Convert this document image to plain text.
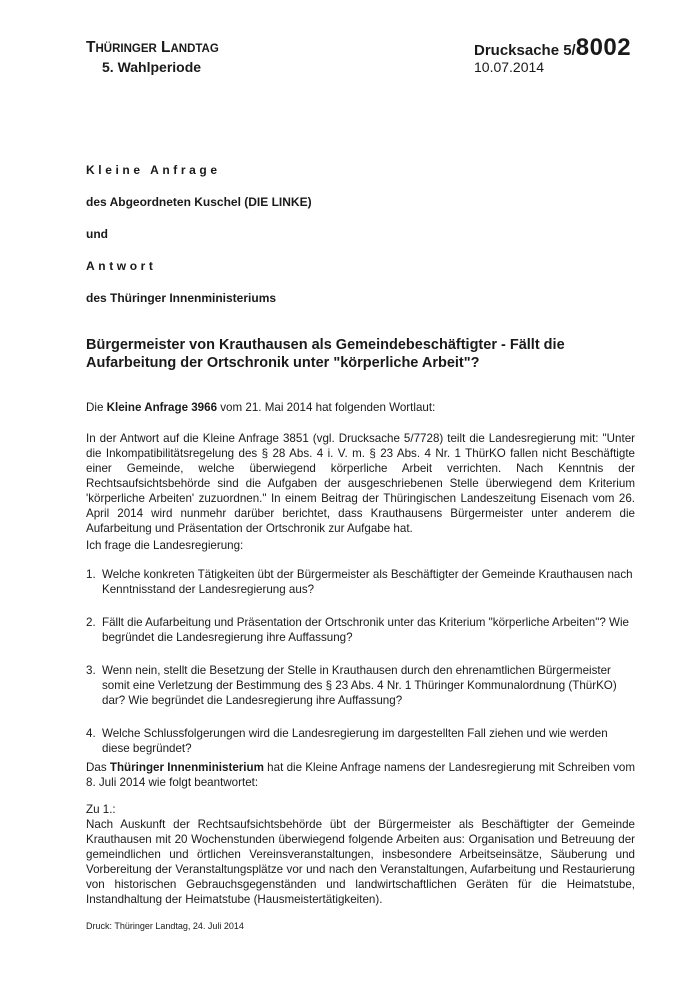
THÜRINGER LANDTAG
5. Wahlperiode
Drucksache 5/8002
10.07.2014
Kleine Anfrage
des Abgeordneten Kuschel (DIE LINKE)
und
Antwort
des Thüringer Innenministeriums
Bürgermeister von Krauthausen als Gemeindebeschäftigter - Fällt die Aufarbeitung der Ortschronik unter "körperliche Arbeit"?
Die Kleine Anfrage 3966 vom 21. Mai 2014 hat folgenden Wortlaut:
In der Antwort auf die Kleine Anfrage 3851 (vgl. Drucksache 5/7728) teilt die Landesregierung mit: "Unter die Inkompatibilitätsregelung des § 28 Abs. 4 i. V. m. § 23 Abs. 4 Nr. 1 ThürKO fallen nicht Beschäftigte einer Gemeinde, welche überwiegend körperliche Arbeit verrichten. Nach Kenntnis der Rechtsaufsichtsbehörde sind die Aufgaben der ausgeschriebenen Stelle überwiegend dem Kriterium 'körperliche Arbeiten' zuzuordnen." In einem Beitrag der Thüringischen Landeszeitung Eisenach vom 26. April 2014 wird nunmehr darüber berichtet, dass Krauthausens Bürgermeister unter anderem die Aufarbeitung und Präsentation der Ortschronik zur Aufgabe hat.
Ich frage die Landesregierung:
1. Welche konkreten Tätigkeiten übt der Bürgermeister als Beschäftigter der Gemeinde Krauthausen nach Kenntnisstand der Landesregierung aus?
2. Fällt die Aufarbeitung und Präsentation der Ortschronik unter das Kriterium "körperliche Arbeiten"? Wie begründet die Landesregierung ihre Auffassung?
3. Wenn nein, stellt die Besetzung der Stelle in Krauthausen durch den ehrenamtlichen Bürgermeister somit eine Verletzung der Bestimmung des § 23 Abs. 4 Nr. 1 Thüringer Kommunalordnung (ThürKO) dar? Wie begründet die Landesregierung ihre Auffassung?
4. Welche Schlussfolgerungen wird die Landesregierung im dargestellten Fall ziehen und wie werden diese begründet?
Das Thüringer Innenministerium hat die Kleine Anfrage namens der Landesregierung mit Schreiben vom 8. Juli 2014 wie folgt beantwortet:
Zu 1.:
Nach Auskunft der Rechtsaufsichtsbehörde übt der Bürgermeister als Beschäftigter der Gemeinde Krauthausen mit 20 Wochenstunden überwiegend folgende Arbeiten aus: Organisation und Betreuung der gemeindlichen und örtlichen Vereinsveranstaltungen, insbesondere Arbeitseinsätze, Säuberung und Vorbereitung der Veranstaltungsplätze vor und nach den Veranstaltungen, Aufarbeitung und Restaurierung von historischen Gebrauchsgegenständen und landwirtschaftlichen Geräten für die Heimatstube, Instandhaltung der Heimatstube (Hausmeistertätigkeiten).
Druck: Thüringer Landtag, 24. Juli 2014
